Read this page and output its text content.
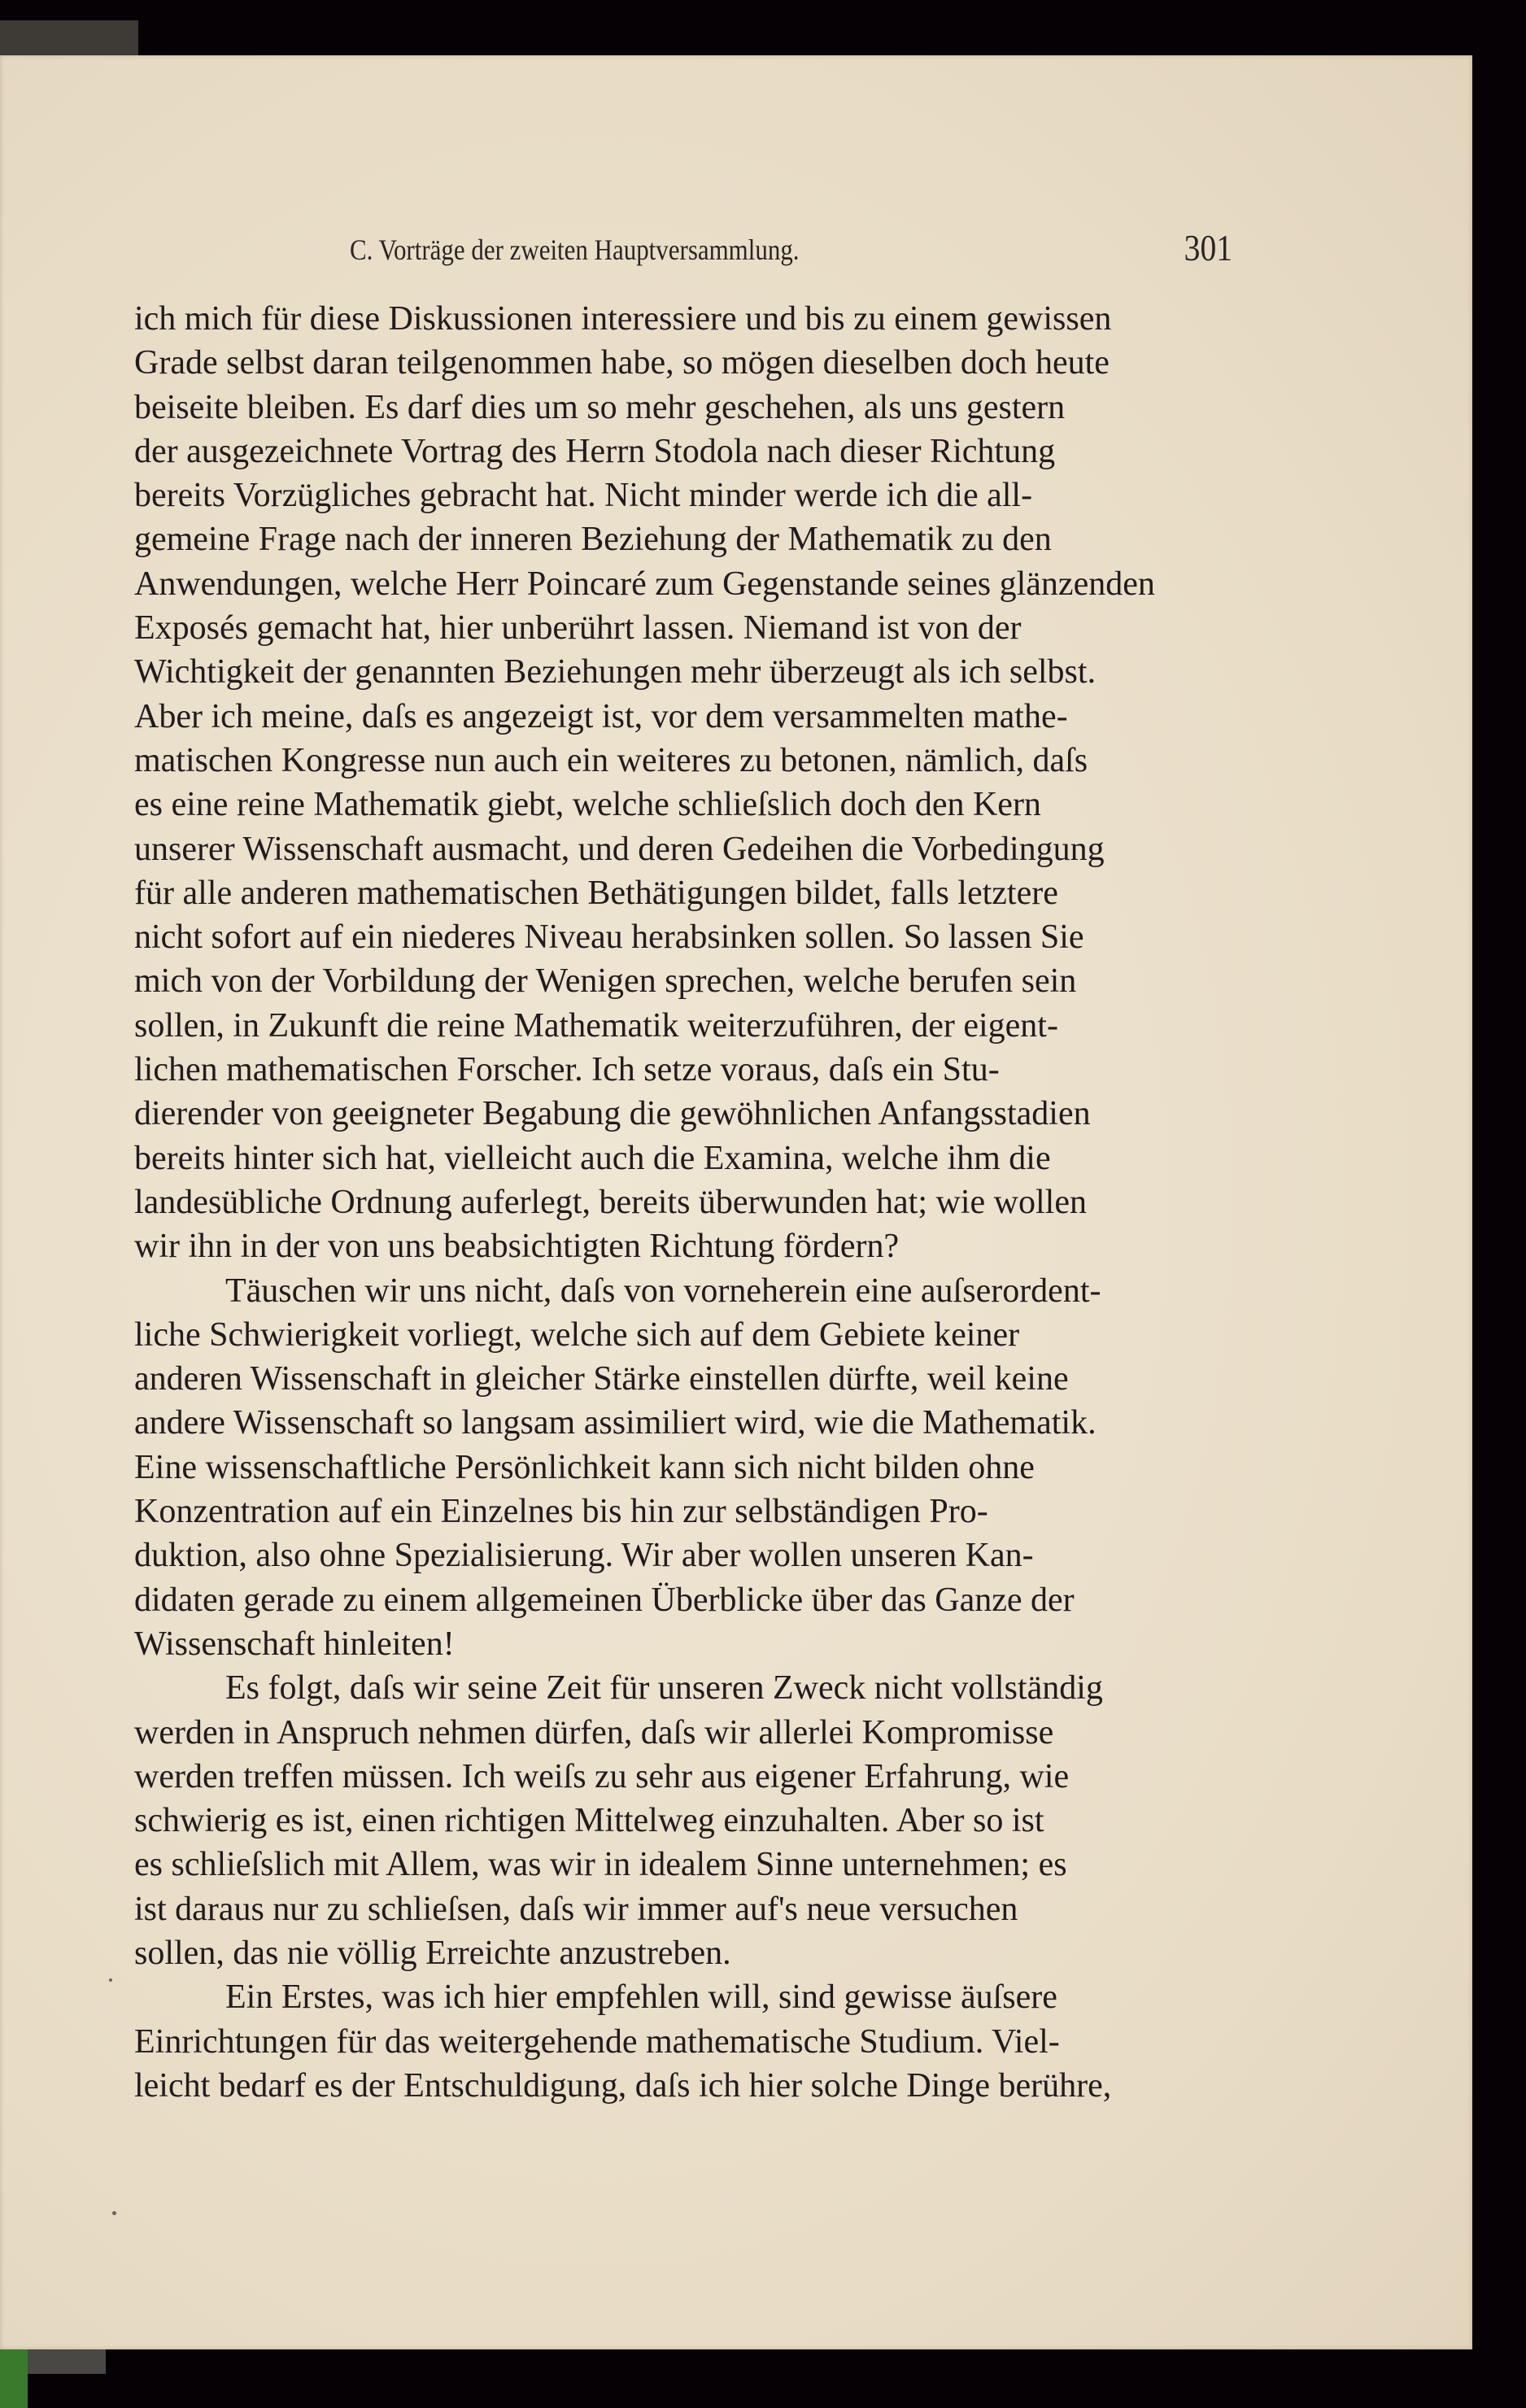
C. Vorträge der zweiten Hauptversammlung.	301
ich mich für diese Diskussionen interessiere und bis zu einem gewissen
Grade selbst daran teilgenommen habe, so mögen dieselben doch heute
beiseite bleiben. Es darf dies um so mehr geschehen, als uns gestern
der ausgezeichnete Vortrag des Herrn Stodola nach dieser Richtung
bereits Vorzügliches gebracht hat. Nicht minder werde ich die all-
gemeine Frage nach der inneren Beziehung der Mathematik zu den
Anwendungen, welche Herr Poincaré zum Gegenstande seines glänzenden
Exposés gemacht hat, hier unberührt lassen. Niemand ist von der
Wichtigkeit der genannten Beziehungen mehr überzeugt als ich selbst.
Aber ich meine, daſs es angezeigt ist, vor dem versammelten mathe-
matischen Kongresse nun auch ein weiteres zu betonen, nämlich, daſs
es eine reine Mathematik giebt, welche schlieſslich doch den Kern
unserer Wissenschaft ausmacht, und deren Gedeihen die Vorbedingung
für alle anderen mathematischen Bethätigungen bildet, falls letztere
nicht sofort auf ein niederes Niveau herabsinken sollen. So lassen Sie
mich von der Vorbildung der Wenigen sprechen, welche berufen sein
sollen, in Zukunft die reine Mathematik weiterzuführen, der eigent-
lichen mathematischen Forscher. Ich setze voraus, daſs ein Stu-
dierender von geeigneter Begabung die gewöhnlichen Anfangsstadien
bereits hinter sich hat, vielleicht auch die Examina, welche ihm die
landesübliche Ordnung auferlegt, bereits überwunden hat; wie wollen
wir ihn in der von uns beabsichtigten Richtung fördern?
Täuschen wir uns nicht, daſs von vorneherein eine auſserordent-
liche Schwierigkeit vorliegt, welche sich auf dem Gebiete keiner
anderen Wissenschaft in gleicher Stärke einstellen dürfte, weil keine
andere Wissenschaft so langsam assimiliert wird, wie die Mathematik.
Eine wissenschaftliche Persönlichkeit kann sich nicht bilden ohne
Konzentration auf ein Einzelnes bis hin zur selbständigen Pro-
duktion, also ohne Spezialisierung. Wir aber wollen unseren Kan-
didaten gerade zu einem allgemeinen Überblicke über das Ganze der
Wissenschaft hinleiten!
Es folgt, daſs wir seine Zeit für unseren Zweck nicht vollständig
werden in Anspruch nehmen dürfen, daſs wir allerlei Kompromisse
werden treffen müssen. Ich weiſs zu sehr aus eigener Erfahrung, wie
schwierig es ist, einen richtigen Mittelweg einzuhalten. Aber so ist
es schlieſslich mit Allem, was wir in idealem Sinne unternehmen; es
ist daraus nur zu schlieſsen, daſs wir immer auf's neue versuchen
sollen, das nie völlig Erreichte anzustreben.
Ein Erstes, was ich hier empfehlen will, sind gewisse äuſsere
Einrichtungen für das weitergehende mathematische Studium. Viel-
leicht bedarf es der Entschuldigung, daſs ich hier solche Dinge berühre,
